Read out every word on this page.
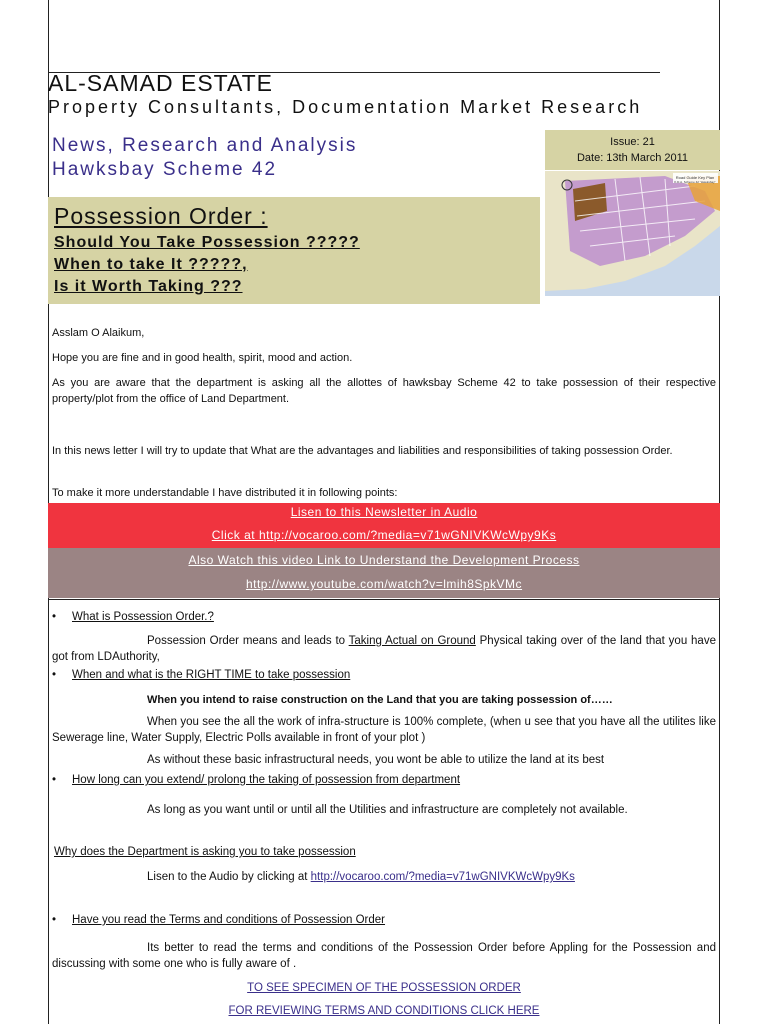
AL-SAMAD ESTATE
Property Consultants, Documentation Market Research
News, Research and Analysis
Hawksbay Scheme 42
Issue: 21
Date: 13th March 2011
Road Guide Key Plan
K.D.A. Scheme 42 "Hawksbay"
Possession Order :
Should You Take Possession ?????
When to take It ?????,
Is it Worth Taking ???
Asslam O Alaikum,
Hope you are fine and in good health, spirit, mood and action.
As you are aware that the department is asking all the allottes of hawksbay Scheme 42 to take possession of their respective property/plot from the office of Land Department.
In this news letter I will try to update that What are the advantages and liabilities and responsibilities of taking possession Order.
To make it more understandable I have distributed it in following points:
Lisen to this Newsletter in Audio
Click at http://vocaroo.com/?media=v71wGNIVKWcWpy9Ks
Also Watch this video Link to Understand the Development Process
http://www.youtube.com/watch?v=lmih8SpkVMc
• What is Possession Order.?
Possession Order means and leads to Taking Actual on Ground Physical taking over of the land that you have got from LDAuthority,
• When and what is the RIGHT TIME to take possession
When you intend to raise construction on the Land that you are taking possession of……
When you see the all the work of infra-structure is 100% complete, (when u see that you have all the utilites like Sewerage line, Water Supply, Electric Polls available in front of your plot )
As without these basic infrastructural needs, you wont be able to utilize the land at its best
• How long can you extend/ prolong the taking of possession from department
As long as you want until or until all the Utilities and infrastructure are completely not available.
Why does the Department is asking you to take possession
Lisen to the Audio by clicking at http://vocaroo.com/?media=v71wGNIVKWcWpy9Ks
• Have you read the Terms and conditions of Possession Order
Its better to read the terms and conditions of the Possession Order before Appling for the Possession and discussing with some one who is fully aware of .
TO SEE SPECIMEN OF THE POSSESSION ORDER
FOR REVIEWING TERMS AND CONDITIONS CLICK HERE
